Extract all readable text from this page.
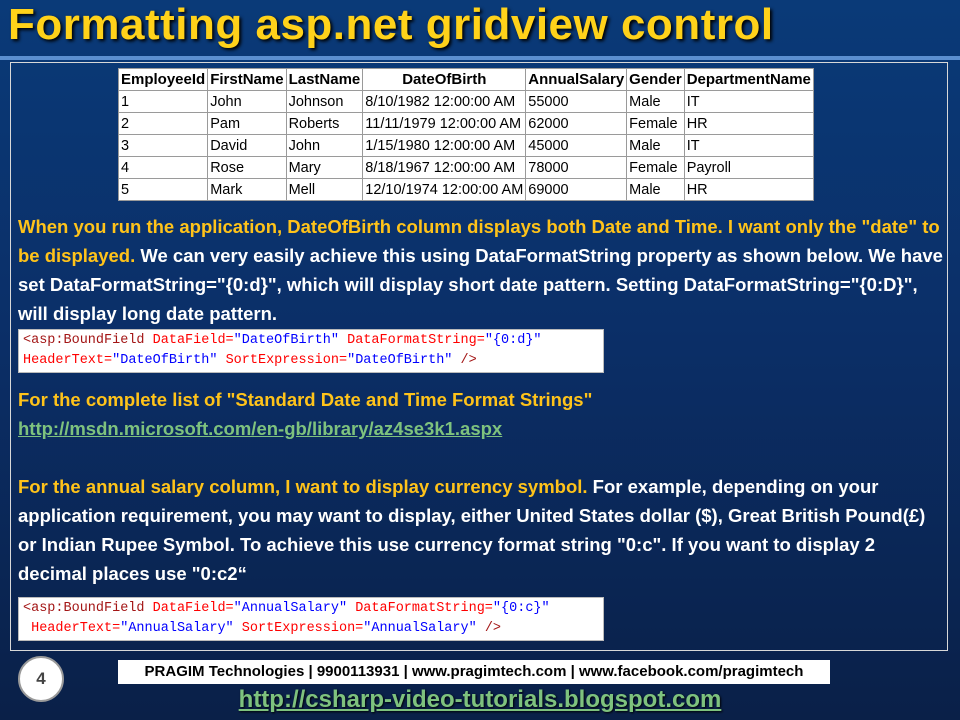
Formatting asp.net gridview control
EmployeeId	FirstName	LastName	DateOfBirth	AnnualSalary	Gender	DepartmentName
1	John	Johnson	8/10/1982 12:00:00 AM	55000	Male	IT
2	Pam	Roberts	11/11/1979 12:00:00 AM	62000	Female	HR
3	David	John	1/15/1980 12:00:00 AM	45000	Male	IT
4	Rose	Mary	8/18/1967 12:00:00 AM	78000	Female	Payroll
5	Mark	Mell	12/10/1974 12:00:00 AM	69000	Male	HR
When you run the application, DateOfBirth column displays both Date and Time. I want only the "date" to be displayed. We can very easily achieve this using DataFormatString property as shown below. We have set DataFormatString="{0:d}", which will display short date pattern. Setting DataFormatString="{0:D}", will display long date pattern.
<asp:BoundField DataField="DateOfBirth" DataFormatString="{0:d}"
HeaderText="DateOfBirth" SortExpression="DateOfBirth" />
For the complete list of "Standard Date and Time Format Strings"
http://msdn.microsoft.com/en-gb/library/az4se3k1.aspx
For the annual salary column, I want to display currency symbol. For example, depending on your application requirement, you may want to display, either United States dollar ($), Great British Pound(£) or Indian Rupee Symbol. To achieve this use currency format string "0:c". If you want to display 2 decimal places use "0:c2“
<asp:BoundField DataField="AnnualSalary" DataFormatString="{0:c}"
HeaderText="AnnualSalary" SortExpression="AnnualSalary" />
4	PRAGIM Technologies | 9900113931 | www.pragimtech.com | www.facebook.com/pragimtech
http://csharp-video-tutorials.blogspot.com
